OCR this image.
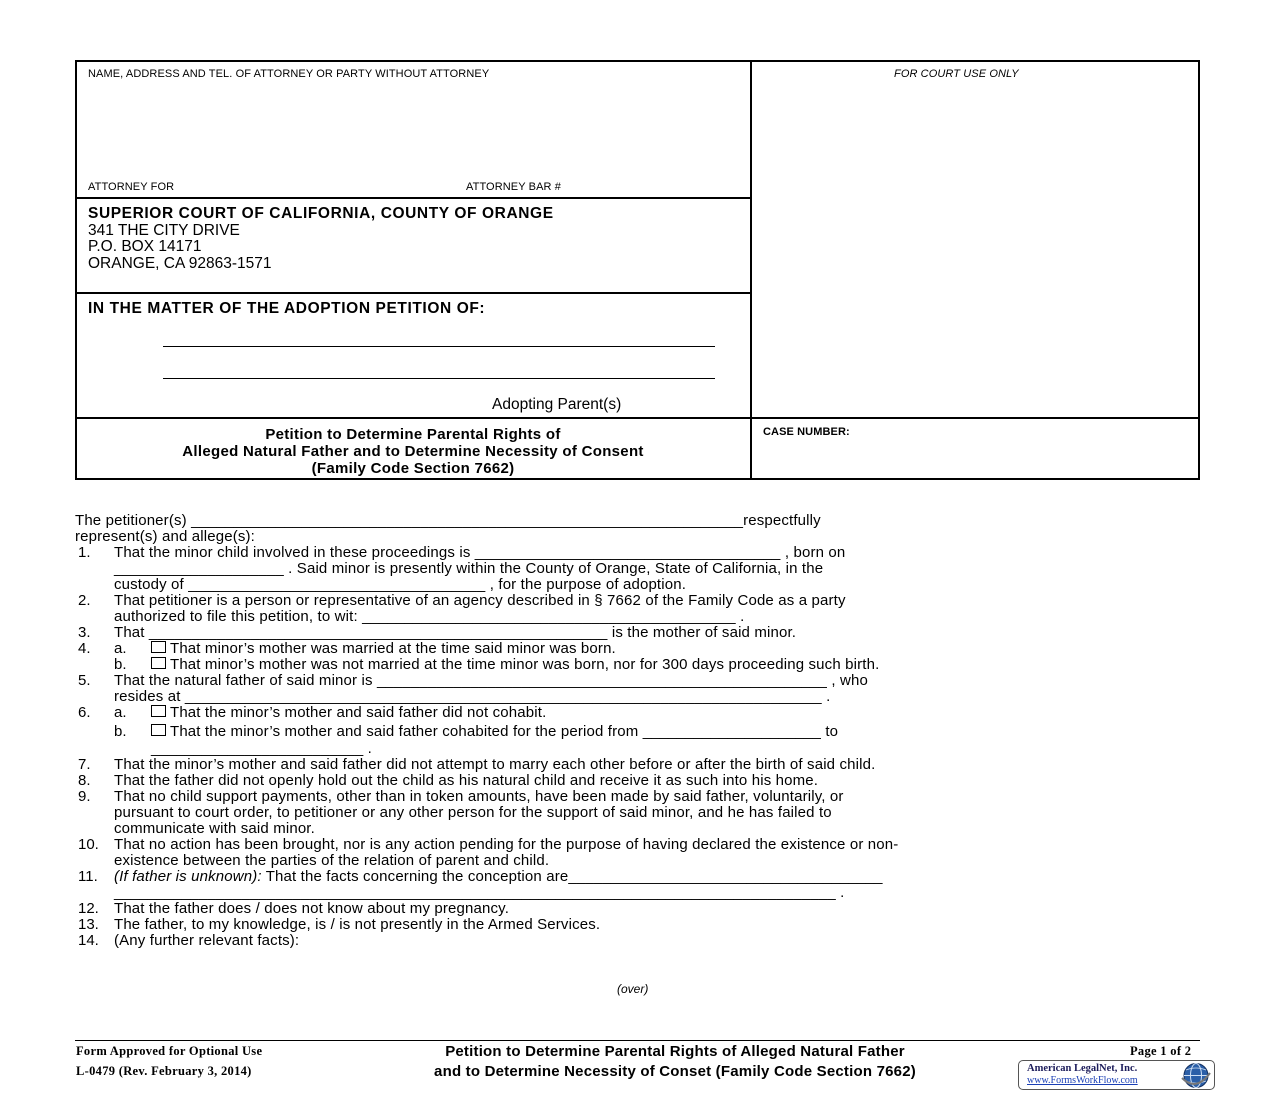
NAME, ADDRESS AND TEL. OF ATTORNEY OR PARTY WITHOUT ATTORNEY	FOR COURT USE ONLY
ATTORNEY FOR	ATTORNEY BAR #
SUPERIOR COURT OF CALIFORNIA, COUNTY OF ORANGE
341 THE CITY DRIVE
P.O. BOX 14171
ORANGE, CA 92863-1571
IN THE MATTER OF THE ADOPTION PETITION OF:
Adopting Parent(s)
Petition to Determine Parental Rights of
Alleged Natural Father and to Determine Necessity of Consent
(Family Code Section 7662)
CASE NUMBER:
The petitioner(s) _________________________________________________________________respectfully
represent(s) and allege(s):
1. That the minor child involved in these proceedings is ____________________________________ , born on
____________________ . Said minor is presently within the County of Orange, State of California, in the
custody of ___________________________________ , for the purpose of adoption.
2. That petitioner is a person or representative of an agency described in § 7662 of the Family Code as a party
authorized to file this petition, to wit: ____________________________________________ .
3. That ______________________________________________________ is the mother of said minor.
4. a.	That minor’s mother was married at the time said minor was born.
b.	That minor’s mother was not married at the time minor was born, nor for 300 days proceeding such birth.
5. That the natural father of said minor is _____________________________________________________ , who
resides at ___________________________________________________________________________ .
6. a.	That the minor’s mother and said father did not cohabit.
b.	That the minor’s mother and said father cohabited for the period from _____________________ to
_________________________ .
7. That the minor’s mother and said father did not attempt to marry each other before or after the birth of said child.
8. That the father did not openly hold out the child as his natural child and receive it as such into his home.
9. That no child support payments, other than in token amounts, have been made by said father, voluntarily, or
pursuant to court order, to petitioner or any other person for the support of said minor, and he has failed to
communicate with said minor.
10. That no action has been brought, nor is any action pending for the purpose of having declared the existence or non-
existence between the parties of the relation of parent and child.
11. (If father is unknown): That the facts concerning the conception are_____________________________________
_____________________________________________________________________________________ .
12. That the father does / does not know about my pregnancy.
13. The father, to my knowledge, is / is not presently in the Armed Services.
14. (Any further relevant facts):
(over)
Form Approved for Optional Use
L-0479 (Rev. February 3, 2014)
Petition to Determine Parental Rights of Alleged Natural Father
and to Determine Necessity of Conset (Family Code Section 7662)
Page 1 of 2
American LegalNet, Inc.
www.FormsWorkFlow.com
